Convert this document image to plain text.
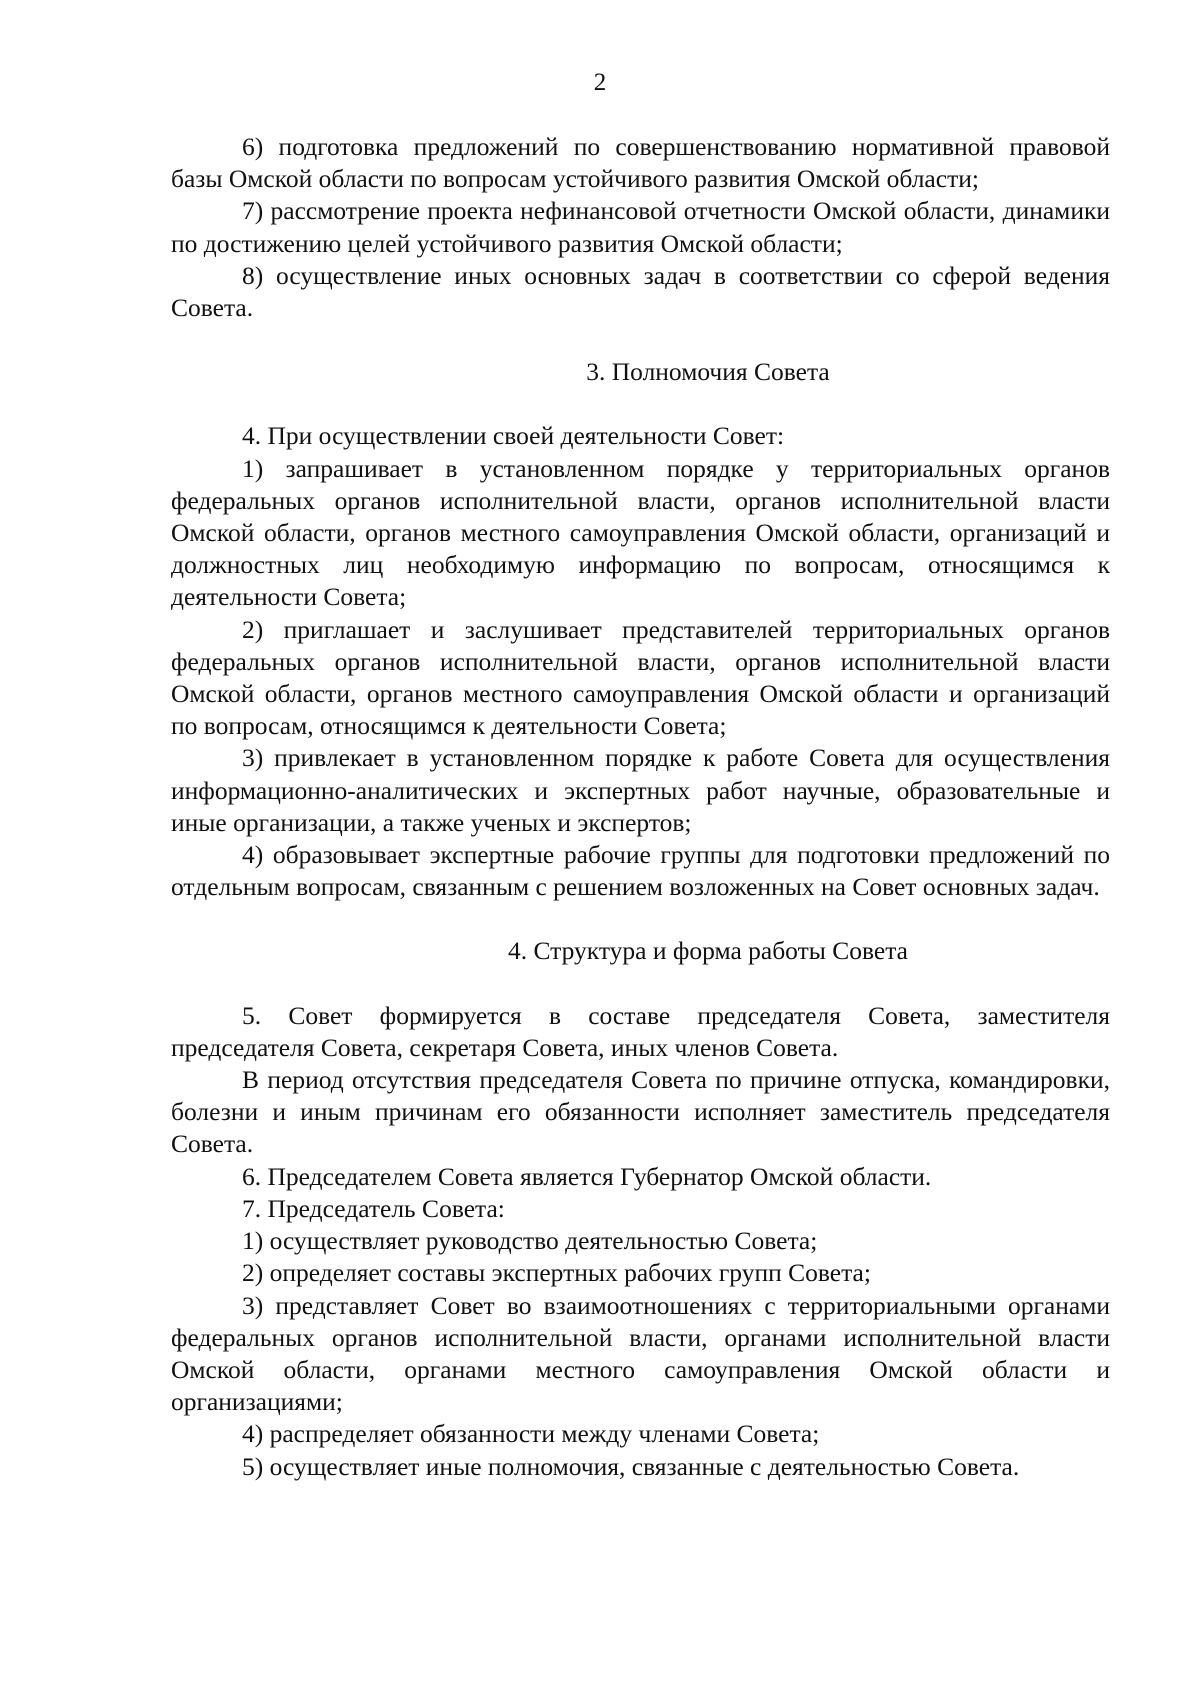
2

6) подготовка предложений по совершенствованию нормативной правовой базы Омской области по вопросам устойчивого развития Омской области;

7) рассмотрение проекта нефинансовой отчетности Омской области, динамики по достижению целей устойчивого развития Омской области;

8) осуществление иных основных задач в соответствии со сферой ведения Совета.

3. Полномочия Совета

4. При осуществлении своей деятельности Совет:

1) запрашивает в установленном порядке у территориальных органов федеральных органов исполнительной власти, органов исполнительной власти Омской области, органов местного самоуправления Омской области, организаций и должностных лиц необходимую информацию по вопросам, относящимся к деятельности Совета;

2) приглашает и заслушивает представителей территориальных органов федеральных органов исполнительной власти, органов исполнительной власти Омской области, органов местного самоуправления Омской области и организаций по вопросам, относящимся к деятельности Совета;

3) привлекает в установленном порядке к работе Совета для осуществления информационно-аналитических и экспертных работ научные, образовательные и иные организации, а также ученых и экспертов;

4) образовывает экспертные рабочие группы для подготовки предложений по отдельным вопросам, связанным с решением возложенных на Совет основных задач.

4. Структура и форма работы Совета

5. Совет формируется в составе председателя Совета, заместителя председателя Совета, секретаря Совета, иных членов Совета.

В период отсутствия председателя Совета по причине отпуска, командировки, болезни и иным причинам его обязанности исполняет заместитель председателя Совета.

6. Председателем Совета является Губернатор Омской области.

7. Председатель Совета:

1) осуществляет руководство деятельностью Совета;

2) определяет составы экспертных рабочих групп Совета;

3) представляет Совет во взаимоотношениях с территориальными органами федеральных органов исполнительной власти, органами исполнительной власти Омской области, органами местного самоуправления Омской области и организациями;

4) распределяет обязанности между членами Совета;

5) осуществляет иные полномочия, связанные с деятельностью Совета.
